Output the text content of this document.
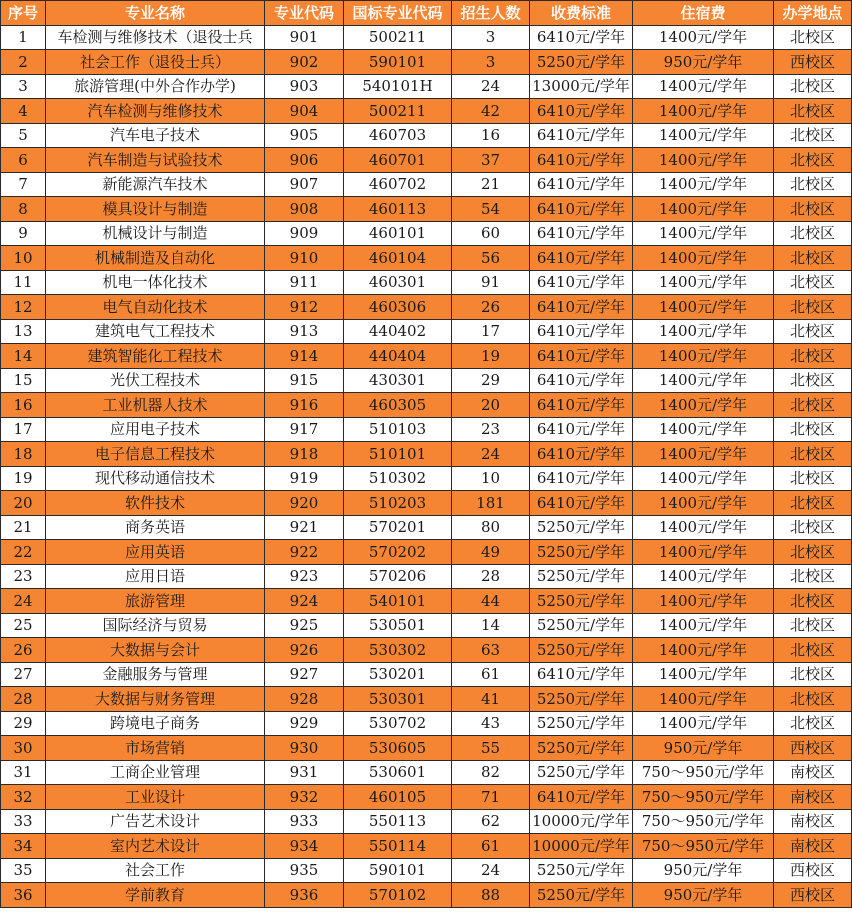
序号	专业名称	专业代码	国标专业代码	招生人数	收费标准	住宿费	办学地点
1	车检测与维修技术（退役士兵	901	500211	3	6410元/学年	1400元/学年	北校区
2	社会工作（退役士兵）	902	590101	3	5250元/学年	950元/学年	西校区
3	旅游管理(中外合作办学)	903	540101H	24	13000元/学年	1400元/学年	北校区
4	汽车检测与维修技术	904	500211	42	6410元/学年	1400元/学年	北校区
5	汽车电子技术	905	460703	16	6410元/学年	1400元/学年	北校区
6	汽车制造与试验技术	906	460701	37	6410元/学年	1400元/学年	北校区
7	新能源汽车技术	907	460702	21	6410元/学年	1400元/学年	北校区
8	模具设计与制造	908	460113	54	6410元/学年	1400元/学年	北校区
9	机械设计与制造	909	460101	60	6410元/学年	1400元/学年	北校区
10	机械制造及自动化	910	460104	56	6410元/学年	1400元/学年	北校区
11	机电一体化技术	911	460301	91	6410元/学年	1400元/学年	北校区
12	电气自动化技术	912	460306	26	6410元/学年	1400元/学年	北校区
13	建筑电气工程技术	913	440402	17	6410元/学年	1400元/学年	北校区
14	建筑智能化工程技术	914	440404	19	6410元/学年	1400元/学年	北校区
15	光伏工程技术	915	430301	29	6410元/学年	1400元/学年	北校区
16	工业机器人技术	916	460305	20	6410元/学年	1400元/学年	北校区
17	应用电子技术	917	510103	23	6410元/学年	1400元/学年	北校区
18	电子信息工程技术	918	510101	24	6410元/学年	1400元/学年	北校区
19	现代移动通信技术	919	510302	10	6410元/学年	1400元/学年	北校区
20	软件技术	920	510203	181	6410元/学年	1400元/学年	北校区
21	商务英语	921	570201	80	5250元/学年	1400元/学年	北校区
22	应用英语	922	570202	49	5250元/学年	1400元/学年	北校区
23	应用日语	923	570206	28	5250元/学年	1400元/学年	北校区
24	旅游管理	924	540101	44	5250元/学年	1400元/学年	北校区
25	国际经济与贸易	925	530501	14	5250元/学年	1400元/学年	北校区
26	大数据与会计	926	530302	63	5250元/学年	1400元/学年	北校区
27	金融服务与管理	927	530201	61	6410元/学年	1400元/学年	北校区
28	大数据与财务管理	928	530301	41	5250元/学年	1400元/学年	北校区
29	跨境电子商务	929	530702	43	5250元/学年	1400元/学年	北校区
30	市场营销	930	530605	55	5250元/学年	950元/学年	西校区
31	工商企业管理	931	530601	82	5250元/学年	750～950元/学年	南校区
32	工业设计	932	460105	71	6410元/学年	750～950元/学年	南校区
33	广告艺术设计	933	550113	62	10000元/学年	750～950元/学年	南校区
34	室内艺术设计	934	550114	61	10000元/学年	750～950元/学年	南校区
35	社会工作	935	590101	24	5250元/学年	950元/学年	西校区
36	学前教育	936	570102	88	5250元/学年	950元/学年	西校区
